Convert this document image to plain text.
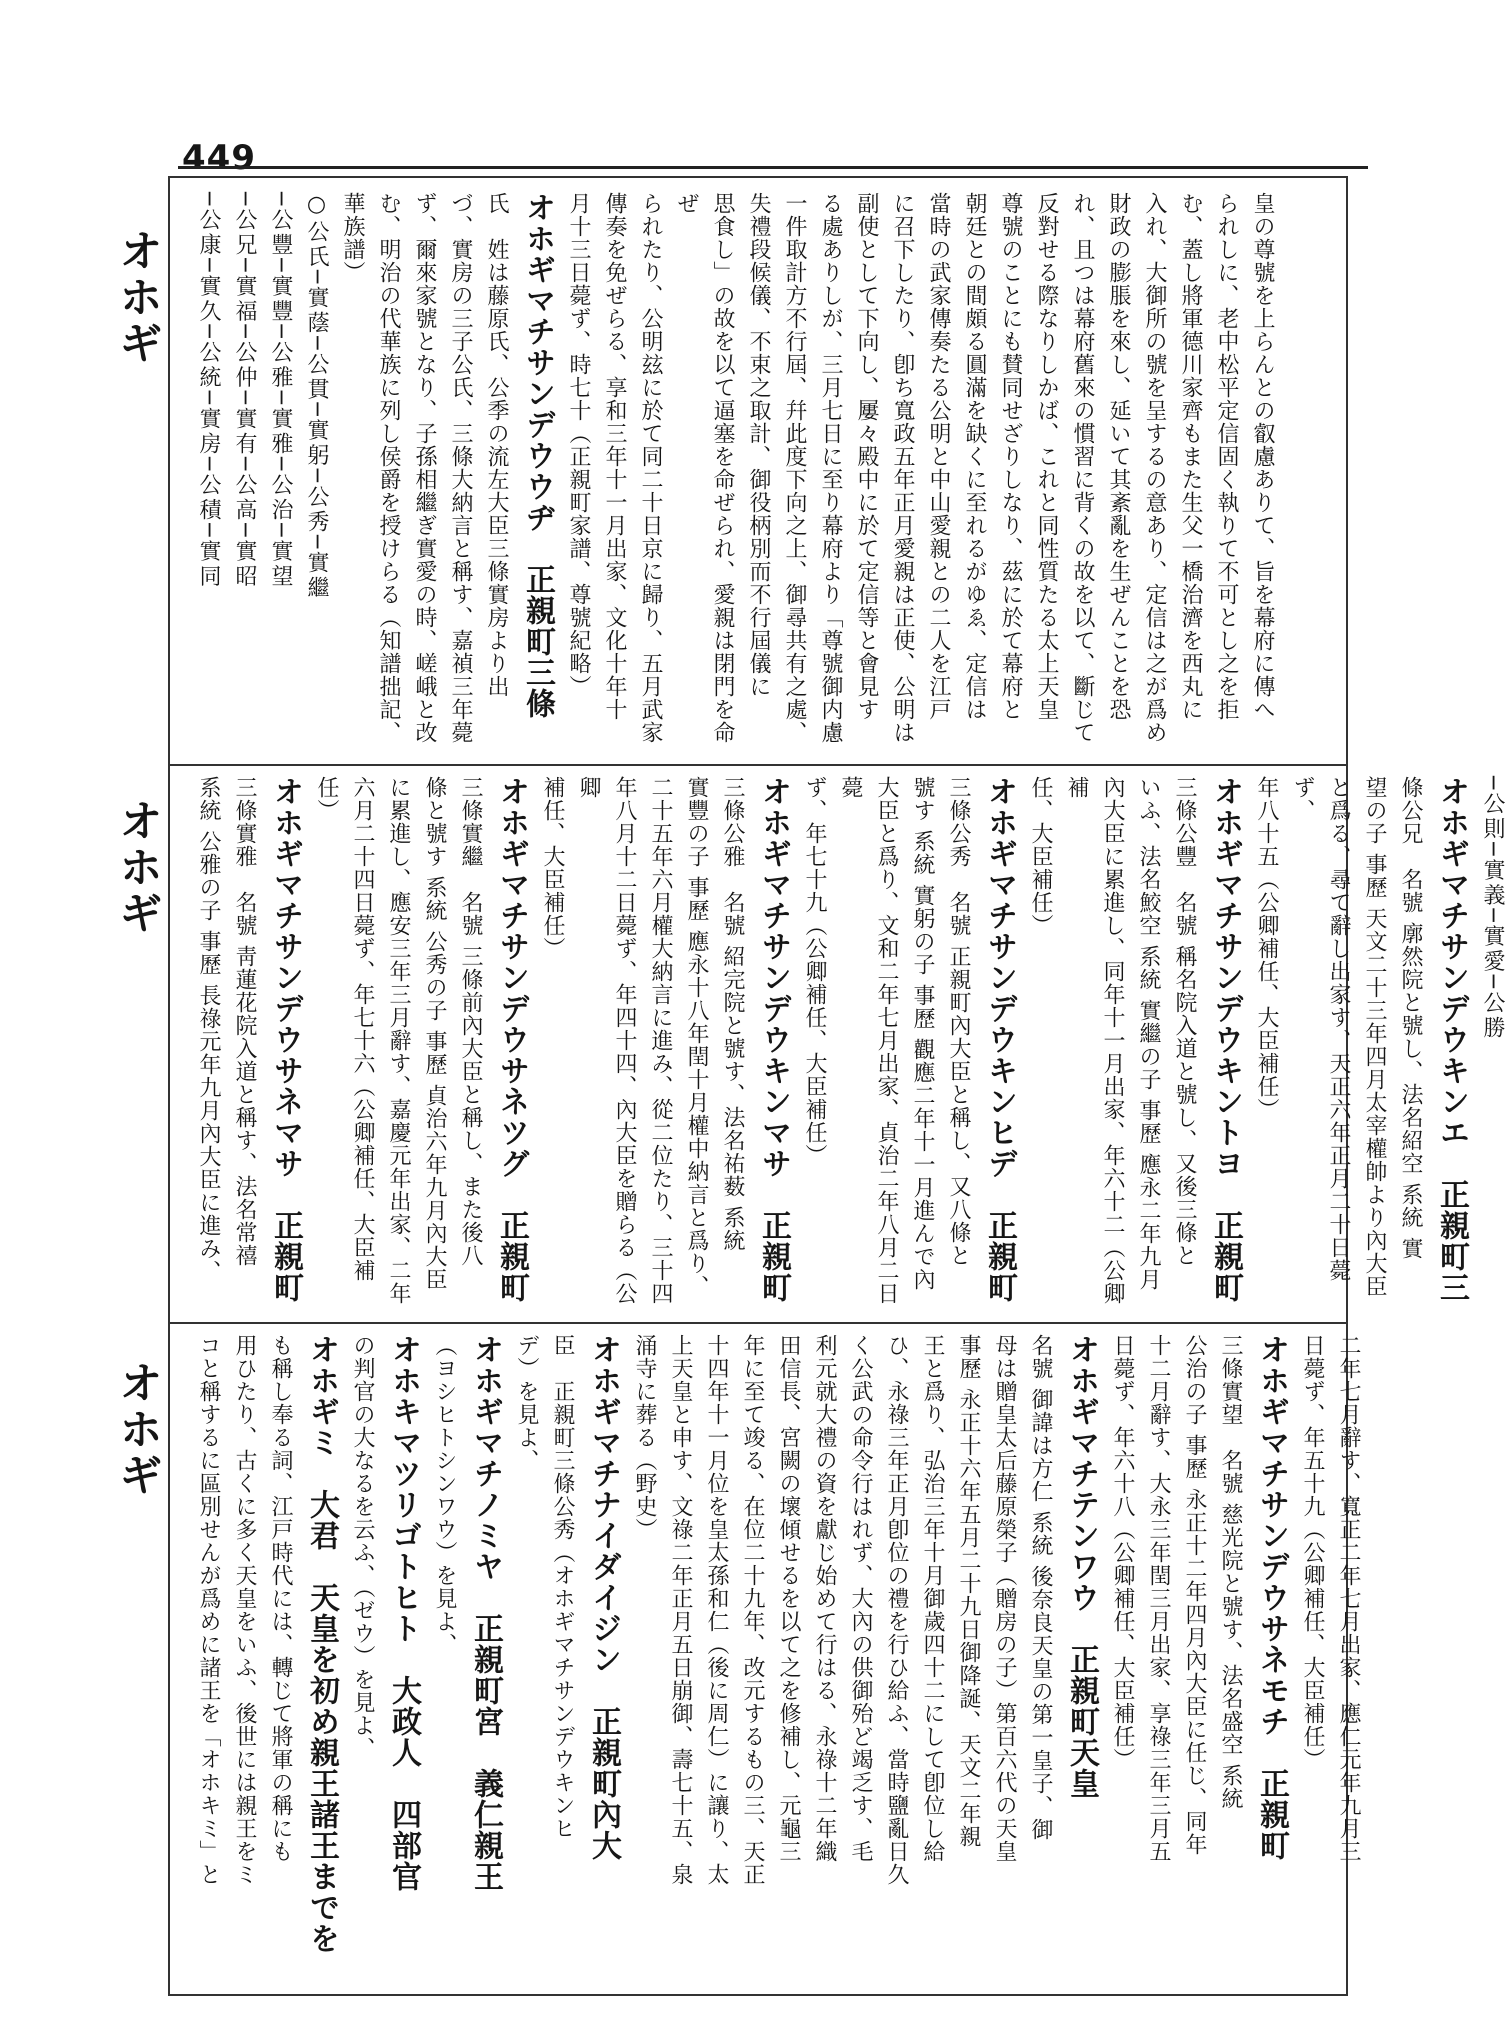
449
オホギ
オホギ
オホギ
皇の尊號を上らんとの叡慮ありて、旨を幕府に傳へ
られしに、老中松平定信固く執りて不可とし之を拒
む、蓋し將軍德川家齊もまた生父一橋治濟を西丸に
入れ、大御所の號を呈するの意あり、定信は之が爲め
財政の膨脹を來し、延いて其紊亂を生ぜんことを恐
れ、且つは幕府舊來の慣習に背くの故を以て、斷じて
反對せる際なりしかば、これと同性質たる太上天皇
尊號のことにも賛同せざりしなり、茲に於て幕府と
朝廷との間頗る圓滿を缺くに至れるがゆゑ、定信は
當時の武家傳奏たる公明と中山愛親との二人を江戸
に召下したり、卽ち寬政五年正月愛親は正使、公明は
副使として下向し、屢々殿中に於て定信等と會見す
る處ありしが、三月七日に至り幕府より「尊號御内慮
一件取計方不行屆、幷此度下向之上、御尋共有之處、
失禮段候儀、不束之取計、御役柄別而不行屆儀に
思食し」の故を以て逼塞を命ぜられ、愛親は閉門を命ぜ
られたり、公明玆に於て同二十日京に歸り、五月武家
傳奏を免ぜらる、享和三年十一月出家、文化十年十
月十三日薨ず、時七十（正親町家譜、尊號紀略）
オホギマチサンデウウヂ　正親町三條
氏　姓は藤原氏、公季の流左大臣三條實房より出
づ、實房の三子公氏、三條大納言と稱す、嘉禎三年薨
ず、爾來家號となり、子孫相繼ぎ實愛の時、嵯峨と改
む、明治の代華族に列し侯爵を授けらる（知譜拙記、
華族譜）
○公氏─實蔭─公貫─實躬─公秀─實繼
─公豐─實豐─公雅─實雅─公治─實望
─公兄─實福─公仲─實有─公高─實昭
─公康─實久─公統─實房─公積─實同
─公則─實義─實愛─公勝
オホギマチサンデウキンエ　正親町三
條公兄　名號 廓然院と號し、法名紹空 系統 實
望の子 事歷 天文二十三年四月太宰權帥より內大臣
と爲る、尋て辭し出家す、天正六年正月二十日薨ず、
年八十五（公卿補任、大臣補任）
オホギマチサンデウキントヨ　正親町
三條公豐　名號 稱名院入道と號し、又後三條と
いふ、法名鮫空 系統 實繼の子 事歷 應永二年九月
內大臣に累進し、同年十一月出家、年六十二（公卿補
任、大臣補任）
オホギマチサンデウキンヒデ　正親町
三條公秀　名號 正親町內大臣と稱し、又八條と
號す 系統 實躬の子 事歷 觀應二年十一月進んで內
大臣と爲り、文和二年七月出家、貞治二年八月二日薨
ず、年七十九（公卿補任、大臣補任）
オホギマチサンデウキンマサ　正親町
三條公雅　名號 紹完院と號す、法名祐薮 系統
實豐の子 事歷 應永十八年閏十月權中納言と爲り、
二十五年六月權大納言に進み、從二位たり、三十四
年八月十二日薨ず、年四十四、內大臣を贈らる（公卿
補任、大臣補任）
オホギマチサンデウサネツグ　正親町
三條實繼　名號 三條前內大臣と稱し、また後八
條と號す 系統 公秀の子 事歷 貞治六年九月內大臣
に累進し、應安三年三月辭す、嘉慶元年出家、二年
六月二十四日薨ず、年七十六（公卿補任、大臣補任）
オホギマチサンデウサネマサ　正親町
三條實雅　名號 靑蓮花院入道と稱す、法名常禧
系統 公雅の子 事歷 長祿元年九月內大臣に進み、
二年七月辭す、寬正二年七月出家、應仁元年九月三
日薨ず、年五十九（公卿補任、大臣補任）
オホギマチサンデウサネモチ　正親町
三條實望　名號 慈光院と號す、法名盛空 系統
公治の子 事歷 永正十二年四月內大臣に任じ、同年
十二月辭す、大永三年閏三月出家、享祿三年三月五
日薨ず、年六十八（公卿補任、大臣補任）
オホギマチテンワウ　正親町天皇
名號 御諱は方仁 系統 後奈良天皇の第一皇子、御
母は贈皇太后藤原榮子（贈房の子）第百六代の天皇
事歷 永正十六年五月二十九日御降誕、天文二年親
王と爲り、弘治三年十月御歲四十二にして卽位し給
ひ、永祿三年正月卽位の禮を行ひ給ふ、當時鹽亂日久
く公武の命令行はれず、大內の供御殆ど竭乏す、毛
利元就大禮の資を獻じ始めて行はる、永祿十二年織
田信長、宮闕の壞傾せるを以て之を修補し、元龜三
年に至て竣る、在位二十九年、改元するもの三、天正
十四年十一月位を皇太孫和仁（後に周仁）に讓り、太
上天皇と申す、文祿二年正月五日崩御、壽七十五、泉
涌寺に葬る（野史）
オホギマチナイダイジン　正親町內大
臣　正親町三條公秀（オホギマチサンデウキンヒ
デ）を見よ、
オホギマチノミヤ　正親町宮　義仁親王
（ヨシヒトシンワウ）を見よ、
オホキマツリゴトヒト　大政人　四部官
の判官の大なるを云ふ、（ゼウ）を見よ、
オホギミ　大君　天皇を初め親王諸王までを
も稱し奉る詞、江戸時代には、轉じて將軍の稱にも
用ひたり、古くに多く天皇をいふ、後世には親王をミ
コと稱するに區別せんが爲めに諸王を「オホキミ」と
